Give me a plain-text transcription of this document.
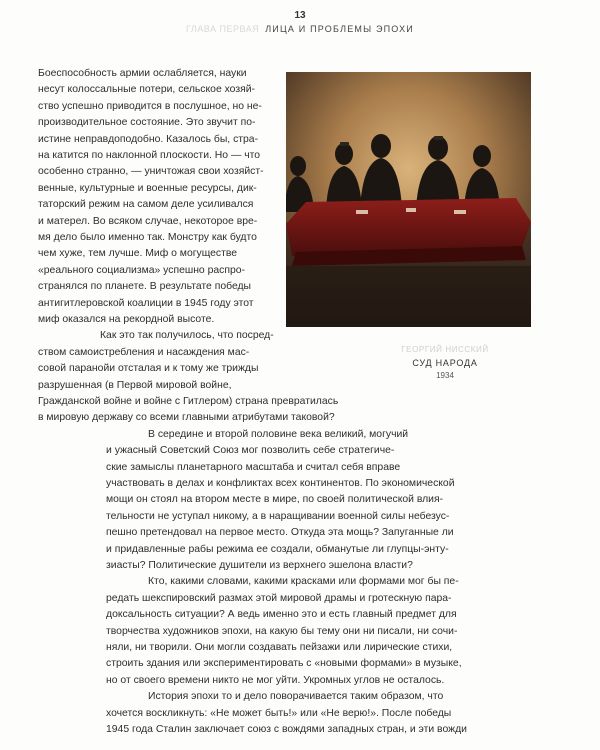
13
ГЛАВА ПЕРВАЯ ЛИЦА И ПРОБЛЕМЫ ЭПОХИ
ГЕОРГИЙ НИССКИЙ
СУД НАРОДА
1934
Боеспособность армии ослабляется, науки
несут колоссальные потери, сельское хозяй-
ство успешно приводится в послушное, но не-
производительное состояние. Это звучит по-
истине неправдоподобно. Казалось бы, стра-
на катится по наклонной плоскости. Но — что
особенно странно, — уничтожая свои хозяйст-
венные, культурные и военные ресурсы, дик-
таторский режим на самом деле усиливался
и матерел. Во всяком случае, некоторое вре-
мя дело было именно так. Монстру как будто
чем хуже, тем лучше. Миф о могуществе
«реального социализма» успешно распро-
странялся по планете. В результате победы
антигитлеровской коалиции в 1945 году этот
миф оказался на рекордной высоте.
Как это так получилось, что посред-
ством самоистребления и насаждения мас-
совой паранойи отсталая и к тому же трижды
разрушенная (в Первой мировой войне,
Гражданской войне и войне с Гитлером) страна превратилась
в мировую державу со всеми главными атрибутами таковой?
В середине и второй половине века великий, могучий
и ужасный Советский Союз мог позволить себе стратегиче-
ские замыслы планетарного масштаба и считал себя вправе
участвовать в делах и конфликтах всех континентов. По экономической
мощи он стоял на втором месте в мире, по своей политической влия-
тельности не уступал никому, а в наращивании военной силы небезус-
пешно претендовал на первое место. Откуда эта мощь? Запуганные ли
и придавленные рабы режима ее создали, обманутые ли глупцы-энту-
зиасты? Политические душители из верхнего эшелона власти?
Кто, какими словами, какими красками или формами мог бы пе-
редать шекспировский размах этой мировой драмы и гротескную пара-
доксальность ситуации? А ведь именно это и есть главный предмет для
творчества художников эпохи, на какую бы тему они ни писали, ни сочи-
няли, ни творили. Они могли создавать пейзажи или лирические стихи,
строить здания или экспериментировать с «новыми формами» в музыке,
но от своего времени никто не мог уйти. Укромных углов не осталось.
История эпохи то и дело поворачивается таким образом, что
хочется воскликнуть: «Не может быть!» или «Не верю!». После победы
1945 года Сталин заключает союз с вождями западных стран, и эти вожди
